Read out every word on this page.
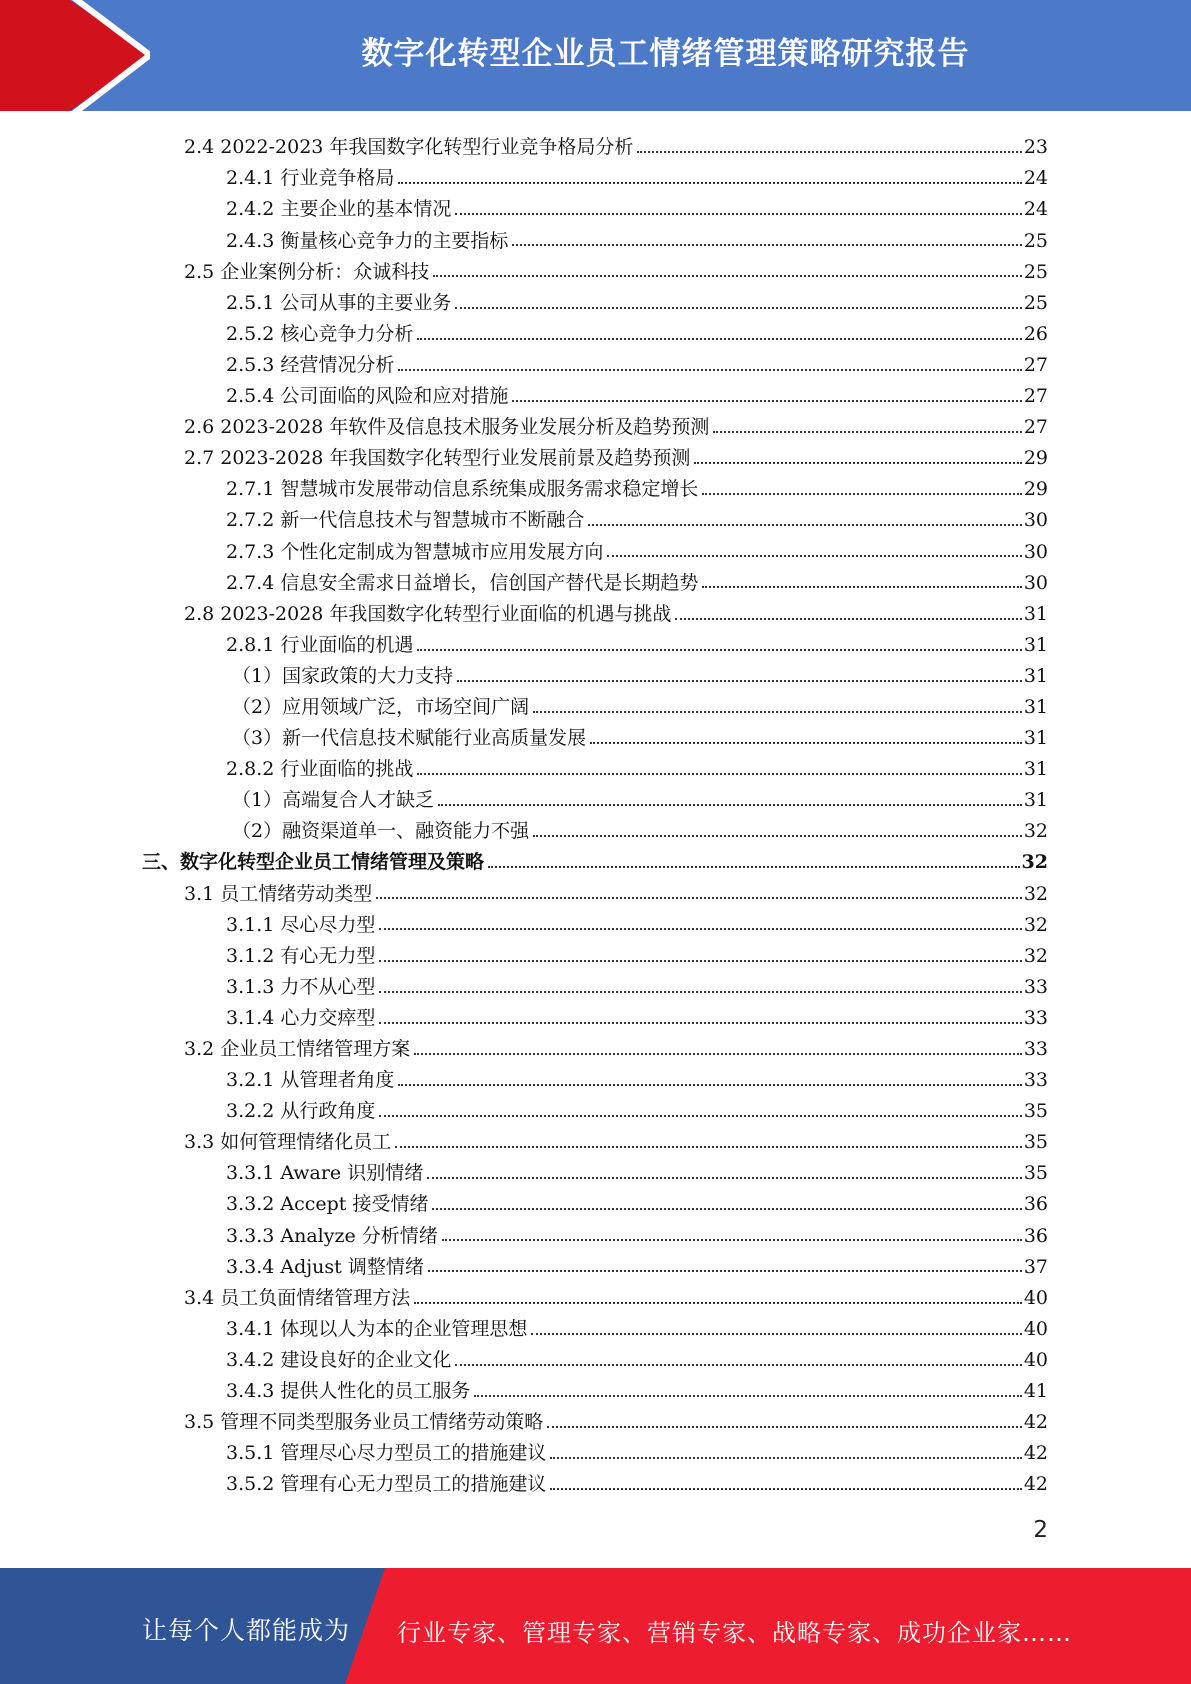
数字化转型企业员工情绪管理策略研究报告
2.4 2022-2023 年我国数字化转型行业竞争格局分析	23
2.4.1 行业竞争格局	24
2.4.2 主要企业的基本情况	24
2.4.3 衡量核心竞争力的主要指标	25
2.5 企业案例分析：众诚科技	25
2.5.1 公司从事的主要业务	25
2.5.2 核心竞争力分析	26
2.5.3 经营情况分析	27
2.5.4 公司面临的风险和应对措施	27
2.6 2023-2028 年软件及信息技术服务业发展分析及趋势预测	27
2.7 2023-2028 年我国数字化转型行业发展前景及趋势预测	29
2.7.1 智慧城市发展带动信息系统集成服务需求稳定增长	29
2.7.2 新一代信息技术与智慧城市不断融合	30
2.7.3 个性化定制成为智慧城市应用发展方向	30
2.7.4 信息安全需求日益增长，信创国产替代是长期趋势	30
2.8 2023-2028 年我国数字化转型行业面临的机遇与挑战	31
2.8.1 行业面临的机遇	31
（1）国家政策的大力支持	31
（2）应用领域广泛，市场空间广阔	31
（3）新一代信息技术赋能行业高质量发展	31
2.8.2 行业面临的挑战	31
（1）高端复合人才缺乏	31
（2）融资渠道单一、融资能力不强	32
三、数字化转型企业员工情绪管理及策略	32
3.1 员工情绪劳动类型	32
3.1.1 尽心尽力型	32
3.1.2 有心无力型	32
3.1.3 力不从心型	33
3.1.4 心力交瘁型	33
3.2 企业员工情绪管理方案	33
3.2.1 从管理者角度	33
3.2.2 从行政角度	35
3.3 如何管理情绪化员工	35
3.3.1 Aware 识别情绪	35
3.3.2 Accept 接受情绪	36
3.3.3 Analyze 分析情绪	36
3.3.4 Adjust 调整情绪	37
3.4 员工负面情绪管理方法	40
3.4.1 体现以人为本的企业管理思想	40
3.4.2 建设良好的企业文化	40
3.4.3 提供人性化的员工服务	41
3.5 管理不同类型服务业员工情绪劳动策略	42
3.5.1 管理尽心尽力型员工的措施建议	42
3.5.2 管理有心无力型员工的措施建议	42
2
让每个人都能成为 行业专家、管理专家、营销专家、战略专家、成功企业家……
